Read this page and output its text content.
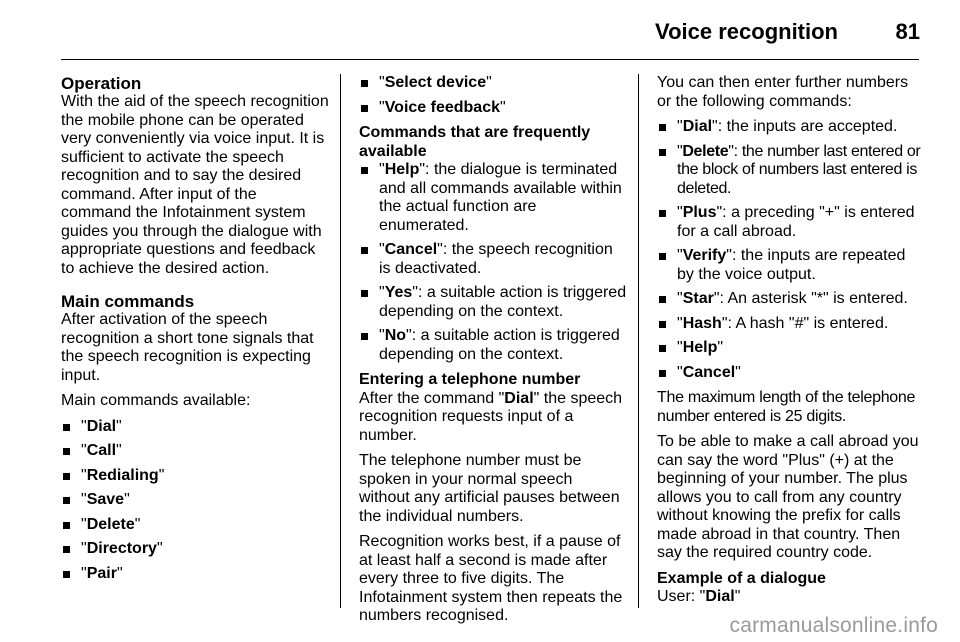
Voice recognition	81
Operation

With the aid of the speech recognition the mobile phone can be operated very conveniently via voice input. It is sufficient to activate the speech recognition and to say the desired command. After input of the command the Infotainment system guides you through the dialogue with appropriate questions and feedback to achieve the desired action.

Main commands

After activation of the speech recognition a short tone signals that the speech recognition is expecting input.

Main commands available:

"Dial"
"Call"
"Redialing"
"Save"
"Delete"
"Directory"
"Pair"
"Select device"
"Voice feedback"
Commands that are frequently available
"Help": the dialogue is terminated and all commands available within the actual function are enumerated.
"Cancel": the speech recognition is deactivated.
"Yes": a suitable action is triggered depending on the context.
"No": a suitable action is triggered depending on the context.
Entering a telephone number

After the command "Dial" the speech recognition requests input of a number.

The telephone number must be spoken in your normal speech without any artificial pauses between the individual numbers.

Recognition works best, if a pause of at least half a second is made after every three to five digits. The Infotainment system then repeats the numbers recognised.

You can then enter further numbers or the following commands:

"Dial": the inputs are accepted.
"Delete": the number last entered or the block of numbers last entered is deleted.
"Plus": a preceding "+" is entered for a call abroad.
"Verify": the inputs are repeated by the voice output.
"Star": An asterisk "*" is entered.
"Hash": A hash "#" is entered.
"Help"
"Cancel"

The maximum length of the telephone number entered is 25 digits.

To be able to make a call abroad you can say the word "Plus" (+) at the beginning of your number. The plus allows you to call from any country without knowing the prefix for calls made abroad in that country. Then say the required country code.

Example of a dialogue

User: "Dial"

carmanualsonline.info
